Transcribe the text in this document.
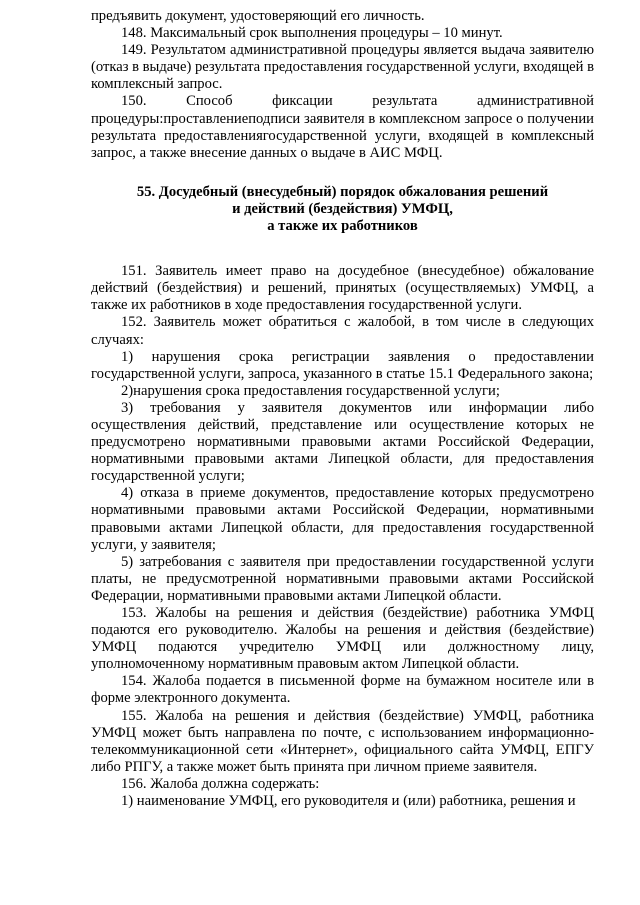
предъявить документ, удостоверяющий его личность.

148. Максимальный срок выполнения процедуры – 10 минут.

149. Результатом административной процедуры является выдача заявителю (отказ в выдаче) результата предоставления государственной услуги, входящей в комплексный запрос.

150. Способ фиксации результата административной процедуры:проставлениеподписи заявителя в комплексном запросе о получении результата предоставлениягосударственной услуги, входящей в комплексный запрос, а также внесение данных о выдаче в АИС МФЦ.

55. Досудебный (внесудебный) порядок обжалования решений
и действий (бездействия) УМФЦ,
а также их работников

151. Заявитель имеет право на досудебное (внесудебное) обжалование действий (бездействия) и решений, принятых (осуществляемых) УМФЦ, а также их работников в ходе предоставления государственной услуги.

152. Заявитель может обратиться с жалобой, в том числе в следующих случаях:

1) нарушения срока регистрации заявления о предоставлении государственной услуги, запроса, указанного в статье 15.1 Федерального закона;

2)нарушения срока предоставления государственной услуги;

3) требования у заявителя документов или информации либо осуществления действий, представление или осуществление которых не предусмотрено нормативными правовыми актами Российской Федерации, нормативными правовыми актами Липецкой области, для предоставления государственной услуги;

4) отказа в приеме документов, предоставление которых предусмотрено нормативными правовыми актами Российской Федерации, нормативными правовыми актами Липецкой области, для предоставления государственной услуги, у заявителя;

5) затребования с заявителя при предоставлении государственной услуги платы, не предусмотренной нормативными правовыми актами Российской Федерации, нормативными правовыми актами Липецкой области.

153. Жалобы на решения и действия (бездействие) работника УМФЦ подаются его руководителю. Жалобы на решения и действия (бездействие) УМФЦ подаются учредителю УМФЦ или должностному лицу, уполномоченному нормативным правовым актом Липецкой области.

154. Жалоба подается в письменной форме на бумажном носителе или в форме электронного документа.

155. Жалоба на решения и действия (бездействие) УМФЦ, работника УМФЦ может быть направлена по почте, с использованием информационно-телекоммуникационной сети «Интернет», официального сайта УМФЦ, ЕПГУ либо РПГУ, а также может быть принята при личном приеме заявителя.

156. Жалоба должна содержать:

1) наименование УМФЦ, его руководителя и (или) работника, решения и
